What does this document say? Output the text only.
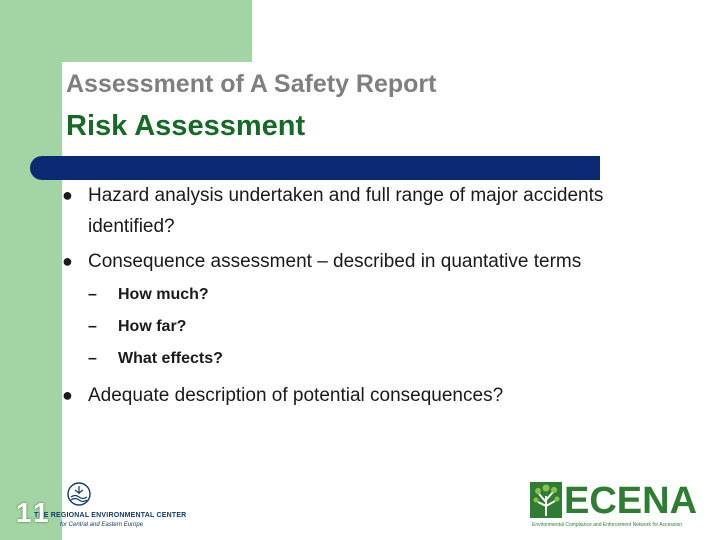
Assessment of A Safety Report
Risk Assessment
● Hazard analysis undertaken and full range of major accidents identified?
● Consequence assessment – described in quantative terms
– How much?
– How far?
– What effects?
● Adequate description of potential consequences?
THE REGIONAL ENVIRONMENTAL CENTER
for Central and Eastern Europe
11	ECENA
Environmental Compliance and Enforcement Network for Accession
